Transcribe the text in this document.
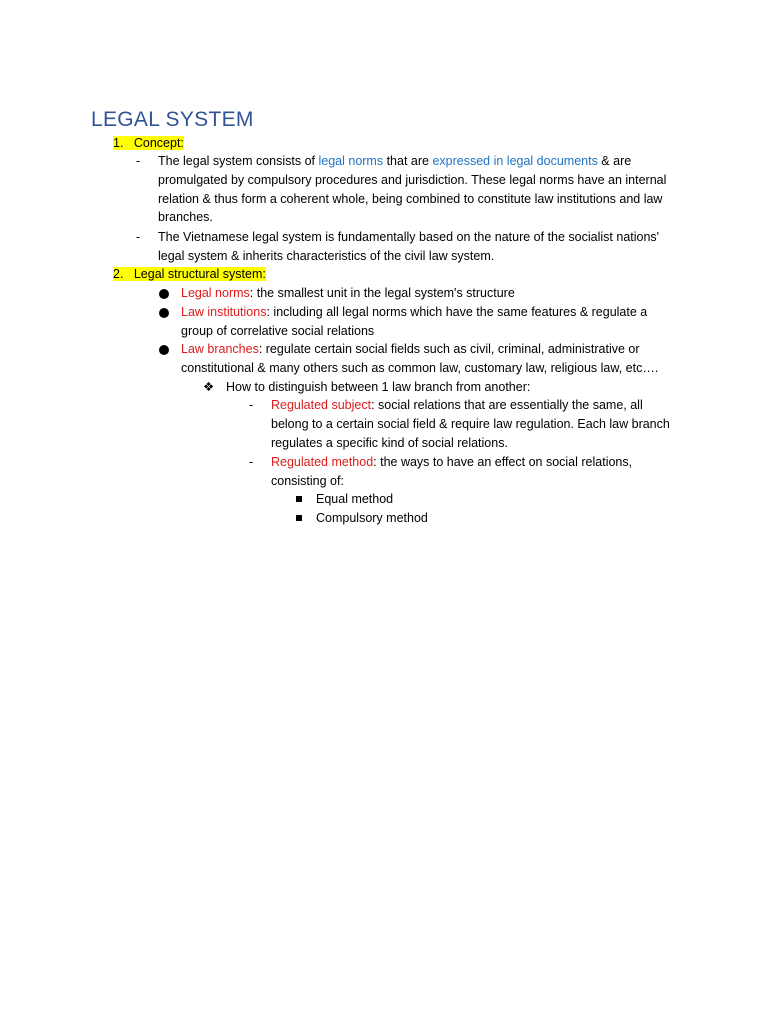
LEGAL SYSTEM
1. Concept:
- The legal system consists of legal norms that are expressed in legal documents & are promulgated by compulsory procedures and jurisdiction. These legal norms have an internal relation & thus form a coherent whole, being combined to constitute law institutions and law branches.
- The Vietnamese legal system is fundamentally based on the nature of the socialist nations' legal system & inherits characteristics of the civil law system.
2. Legal structural system:
Legal norms: the smallest unit in the legal system's structure
Law institutions: including all legal norms which have the same features & regulate a group of correlative social relations
Law branches: regulate certain social fields such as civil, criminal, administrative or constitutional & many others such as common law, customary law, religious law, etc….
❖ How to distinguish between 1 law branch from another:
- Regulated subject: social relations that are essentially the same, all belong to a certain social field & require law regulation. Each law branch regulates a specific kind of social relations.
- Regulated method: the ways to have an effect on social relations, consisting of:
Equal method
Compulsory method
